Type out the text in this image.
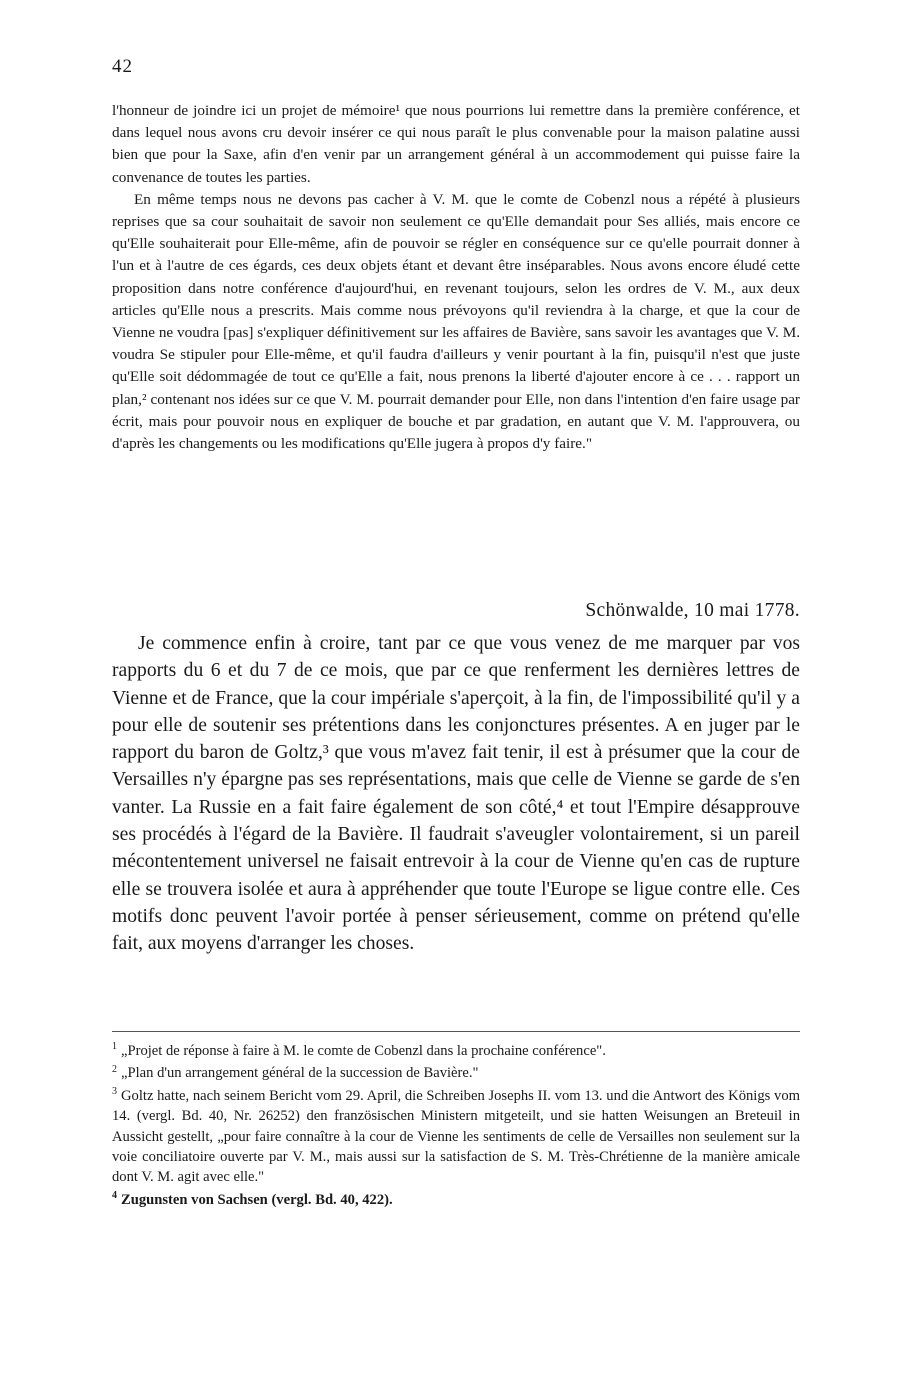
42

l'honneur de joindre ici un projet de mémoire¹ que nous pourrions lui remettre dans la première conférence, et dans lequel nous avons cru devoir insérer ce qui nous paraît le plus convenable pour la maison palatine aussi bien que pour la Saxe, afin d'en venir par un arrangement général à un accommodement qui puisse faire la convenance de toutes les parties.

En même temps nous ne devons pas cacher à V. M. que le comte de Cobenzl nous a répété à plusieurs reprises que sa cour souhaitait de savoir non seulement ce qu'Elle demandait pour Ses alliés, mais encore ce qu'Elle souhaiterait pour Elle-même, afin de pouvoir se régler en conséquence sur ce qu'elle pourrait donner à l'un et à l'autre de ces égards, ces deux objets étant et devant être inséparables. Nous avons encore éludé cette proposition dans notre conférence d'aujourd'hui, en revenant toujours, selon les ordres de V. M., aux deux articles qu'Elle nous a prescrits. Mais comme nous prévoyons qu'il reviendra à la charge, et que la cour de Vienne ne voudra [pas] s'expliquer définitivement sur les affaires de Bavière, sans savoir les avantages que V. M. voudra Se stipuler pour Elle-même, et qu'il faudra d'ailleurs y venir pourtant à la fin, puisqu'il n'est que juste qu'Elle soit dédommagée de tout ce qu'Elle a fait, nous prenons la liberté d'ajouter encore à ce . . . rapport un plan,² contenant nos idées sur ce que V. M. pourrait demander pour Elle, non dans l'intention d'en faire usage par écrit, mais pour pouvoir nous en expliquer de bouche et par gradation, en autant que V. M. l'approuvera, ou d'après les changements ou les modifications qu'Elle jugera à propos d'y faire."

Schönwalde, 10 mai 1778.

Je commence enfin à croire, tant par ce que vous venez de me marquer par vos rapports du 6 et du 7 de ce mois, que par ce que renferment les dernières lettres de Vienne et de France, que la cour impériale s'aperçoit, à la fin, de l'impossibilité qu'il y a pour elle de soutenir ses prétentions dans les conjonctures présentes. A en juger par le rapport du baron de Goltz,³ que vous m'avez fait tenir, il est à présumer que la cour de Versailles n'y épargne pas ses représentations, mais que celle de Vienne se garde de s'en vanter. La Russie en a fait faire également de son côté,⁴ et tout l'Empire désapprouve ses procédés à l'égard de la Bavière. Il faudrait s'aveugler volontairement, si un pareil mécontentement universel ne faisait entrevoir à la cour de Vienne qu'en cas de rupture elle se trouvera isolée et aura à appréhender que toute l'Europe se ligue contre elle. Ces motifs donc peuvent l'avoir portée à penser sérieusement, comme on prétend qu'elle fait, aux moyens d'arranger les choses.

$^1$ „Projet de réponse à faire à M. le comte de Cobenzl dans la prochaine conférence".

$^2$ „Plan d'un arrangement général de la succession de Bavière."

$^3$ Goltz hatte, nach seinem Bericht vom 29. April, die Schreiben Josephs II. vom 13. und die Antwort des Königs vom 14. (vergl. Bd. 40, Nr. 26252) den französischen Ministern mitgeteilt, und sie hatten Weisungen an Breteuil in Aussicht gestellt, „pour faire connaître à la cour de Vienne les sentiments de celle de Versailles non seulement sur la voie conciliatoire ouverte par V. M., mais aussi sur la satisfaction de S. M. Très-Chrétienne de la manière amicale dont V. M. agit avec elle."

$^4$ Zugunsten von Sachsen (vergl. Bd. 40, 422).
